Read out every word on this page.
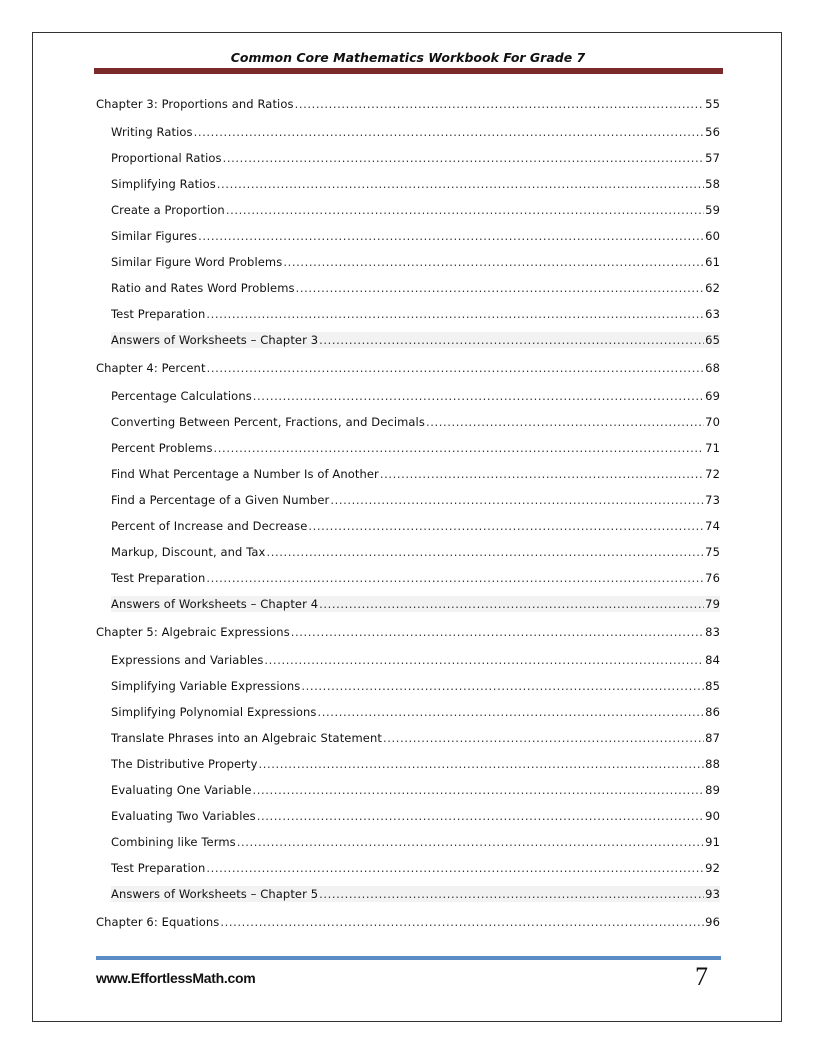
Common Core Mathematics Workbook For Grade 7
Chapter 3: Proportions and Ratios .....	55
Writing Ratios .....	56
Proportional Ratios .....	57
Simplifying Ratios .....	58
Create a Proportion .....	59
Similar Figures .....	60
Similar Figure Word Problems .....	61
Ratio and Rates Word Problems .....	62
Test Preparation .....	63
Answers of Worksheets – Chapter 3 .....	65
Chapter 4: Percent .....	68
Percentage Calculations .....	69
Converting Between Percent, Fractions, and Decimals .....	70
Percent Problems .....	71
Find What Percentage a Number Is of Another .....	72
Find a Percentage of a Given Number .....	73
Percent of Increase and Decrease .....	74
Markup, Discount, and Tax .....	75
Test Preparation .....	76
Answers of Worksheets – Chapter 4 .....	79
Chapter 5: Algebraic Expressions .....	83
Expressions and Variables .....	84
Simplifying Variable Expressions .....	85
Simplifying Polynomial Expressions .....	86
Translate Phrases into an Algebraic Statement .....	87
The Distributive Property .....	88
Evaluating One Variable .....	89
Evaluating Two Variables .....	90
Combining like Terms .....	91
Test Preparation .....	92
Answers of Worksheets – Chapter 5 .....	93
Chapter 6: Equations .....	96
www.EffortlessMath.com	7
